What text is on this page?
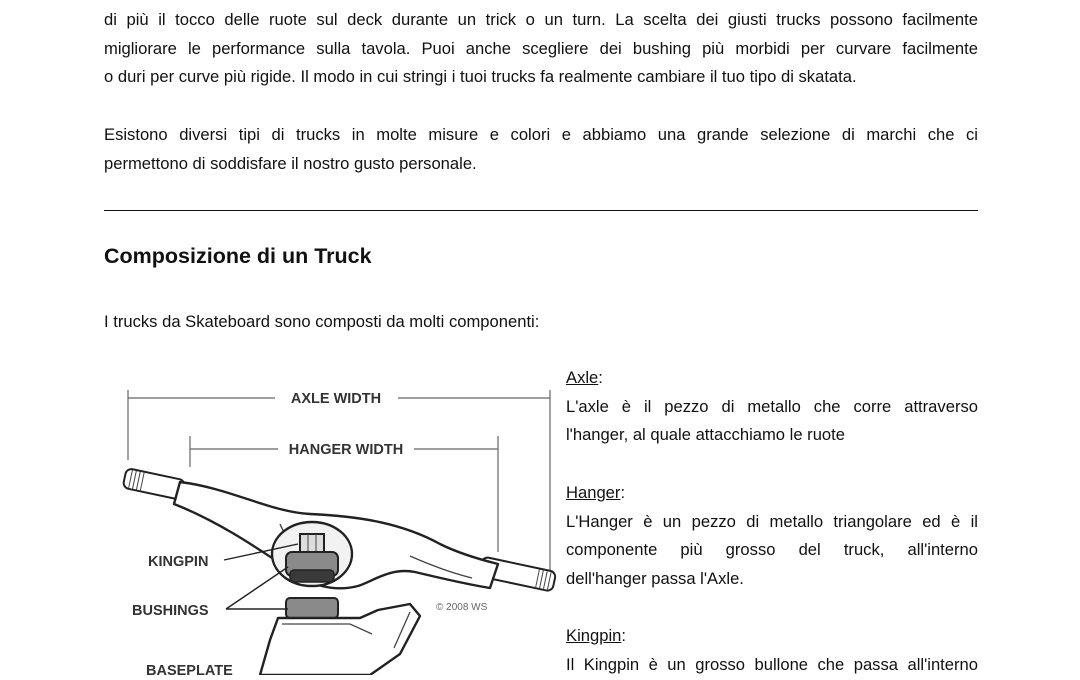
di più il tocco delle ruote sul deck durante un trick o un turn. La scelta dei giusti trucks possono facilmente
migliorare le performance sulla tavola. Puoi anche scegliere dei bushing più morbidi per curvare facilmente
o duri per curve più rigide. Il modo in cui stringi i tuoi trucks fa realmente cambiare il tuo tipo di skatata.
Esistono diversi tipi di trucks in molte misure e colori e abbiamo una grande selezione di marchi che ci
permettono di soddisfare il nostro gusto personale.
Composizione di un Truck

I trucks da Skateboard sono composti da molti componenti:

AXLE WIDTH
HANGER WIDTH
KINGPIN
BUSHINGS
BASEPLATE
© 2008 WS
Axle:
L'axle è il pezzo di metallo che corre attraverso
l'hanger, al quale attacchiamo le ruote
Hanger:
L'Hanger è un pezzo di metallo triangolare ed è il
componente più grosso del truck, all'interno
dell'hanger passa l'Axle.
Kingpin:
Il Kingpin è un grosso bullone che passa all'interno
